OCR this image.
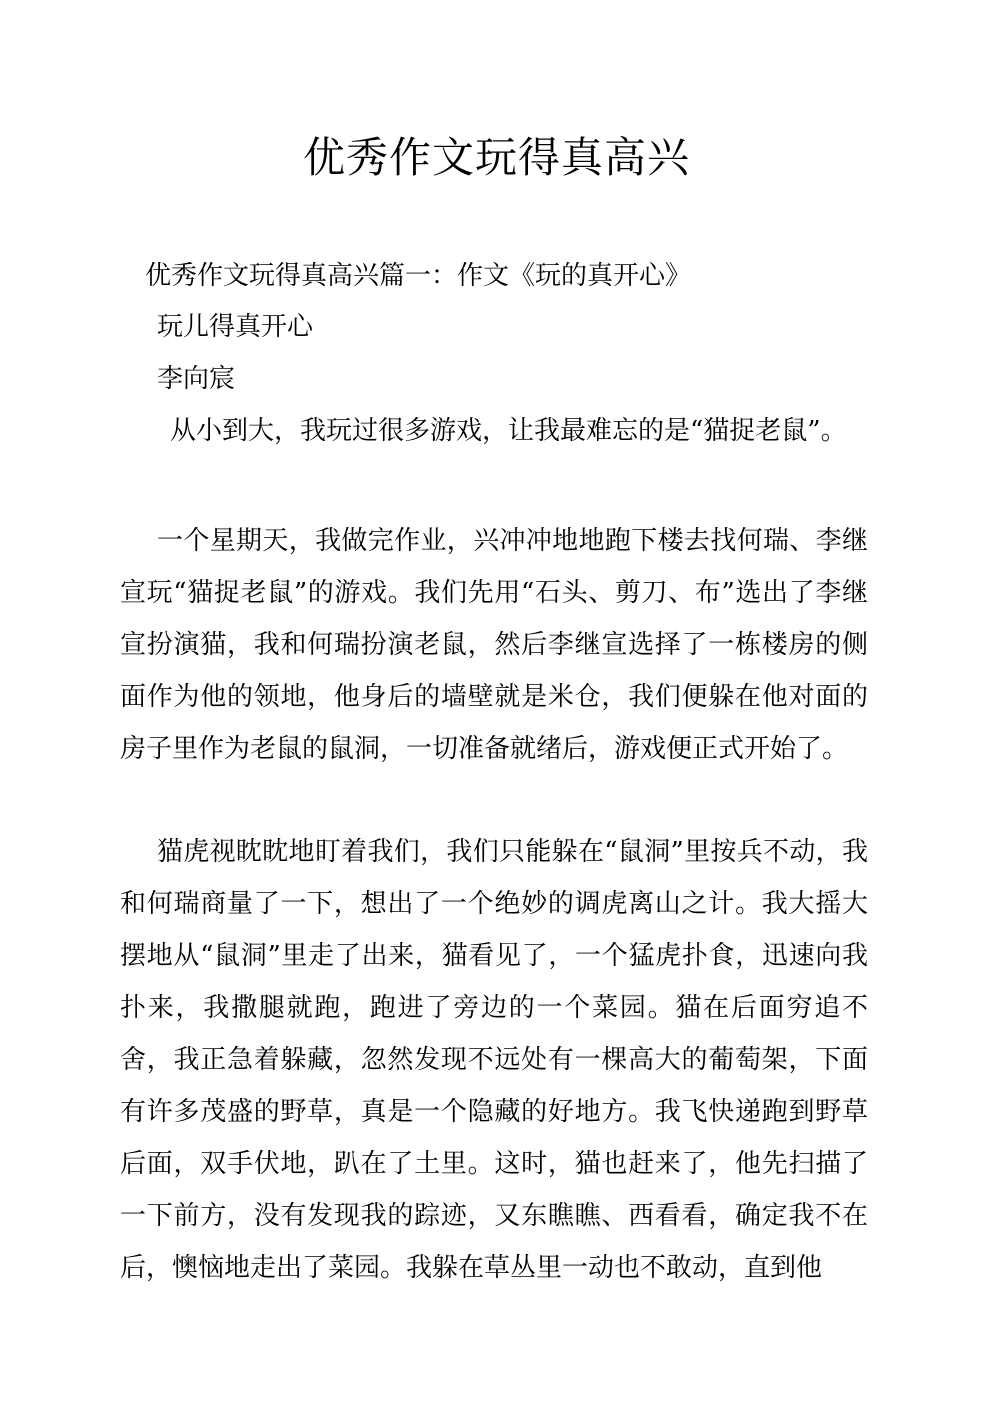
优秀作文玩得真高兴
优秀作文玩得真高兴篇一：作文《玩的真开心》
玩儿得真开心
李向宸
从小到大，我玩过很多游戏，让我最难忘的是“猫捉老鼠”。
一个星期天，我做完作业，兴冲冲地地跑下楼去找何瑞、李继宣玩“猫捉老鼠”的游戏。我们先用“石头、剪刀、布”选出了李继宣扮演猫，我和何瑞扮演老鼠，然后李继宣选择了一栋楼房的侧面作为他的领地，他身后的墙壁就是米仓，我们便躲在他对面的房子里作为老鼠的鼠洞，一切准备就绪后，游戏便正式开始了。
猫虎视眈眈地盯着我们，我们只能躲在“鼠洞”里按兵不动，我和何瑞商量了一下，想出了一个绝妙的调虎离山之计。我大摇大摆地从“鼠洞”里走了出来，猫看见了，一个猛虎扑食，迅速向我扑来，我撒腿就跑，跑进了旁边的一个菜园。猫在后面穷追不舍，我正急着躲藏，忽然发现不远处有一棵高大的葡萄架，下面有许多茂盛的野草，真是一个隐藏的好地方。我飞快递跑到野草后面，双手伏地，趴在了土里。这时，猫也赶来了，他先扫描了一下前方，没有发现我的踪迹，又东瞧瞧、西看看，确定我不在后，懊恼地走出了菜园。我躲在草丛里一动也不敢动，直到他
